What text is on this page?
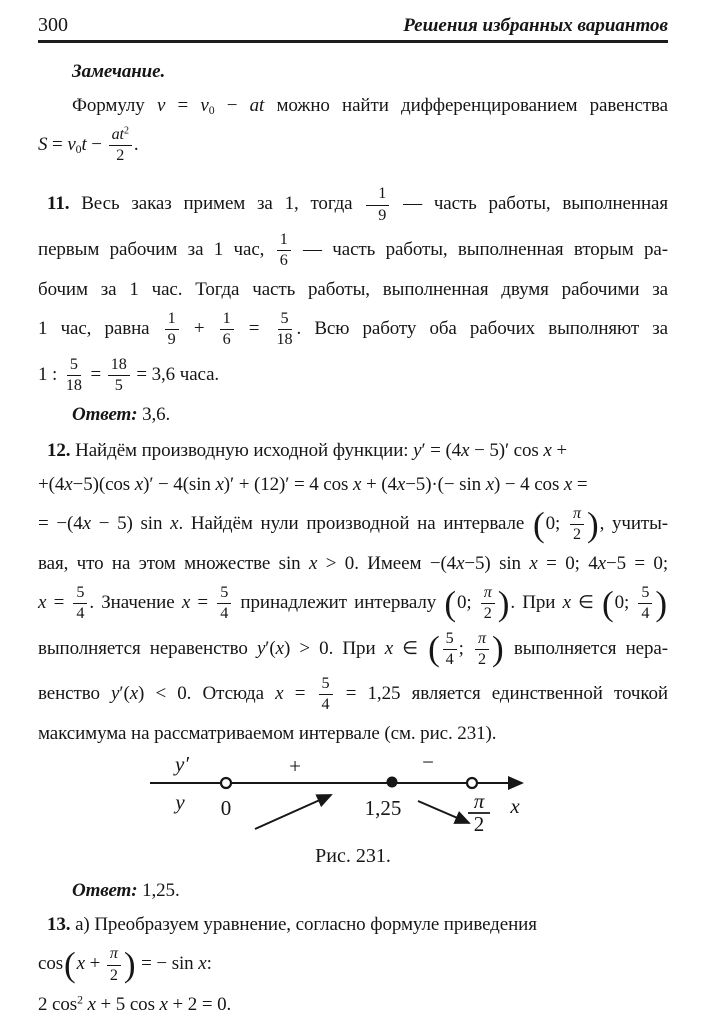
300	Решения избранных вариантов
Замечание.
Формулу $v = v_0$ − at можно найти дифференцированием равенства
$S = v_0t - \frac{at^2}{2}$ .
11. Весь заказ примем за 1, тогда $\frac{1}{9}$ — часть работы, выполненная
первым рабочим за 1 час, $\frac{1}{6}$ — часть работы, выполненная вторым ра-
бочим за 1 час. Тогда часть работы, выполненная двумя рабочими за
1 час, равна $\frac{1}{9} + \frac{1}{6} = \frac{5}{18}$ . Всю работу оба рабочих выполняют за
1 : $\frac{5}{18} = \frac{18}{5} = 3,6$ часа.
Ответ: 3,6.
12. Найдём производную исходной функции: y′ = (4x − 5)′ cos x +
+(4x−5)(cos x)′ − 4(sin x)′ + (12)′ = 4 cos x + (4x−5)·(− sin x) − 4 cos x =
= −(4x − 5) sin x. Найдём нули производной на интервале (0; $\frac{\pi}{2}$ ), учиты-
вая, что на этом множестве sin x > 0. Имеем −(4x−5) sin x = 0; 4x−5 = 0;
$x = \frac{5}{4}$ . Значение $x = \frac{5}{4}$ принадлежит интервалу (0; $\frac{\pi}{2}$ ). При x ∈ (0; $\frac{5}{4}$ )
выполняется неравенство y′(x) > 0. При x ∈ ( $\frac{5}{4}$ ; $\frac{\pi}{2}$ ) выполняется нера-
венство y′(x) < 0. Отсюда $x = \frac{5}{4} = 1,25$ является единственной точкой
максимума на рассматриваемом интервале (см. рис. 231).
y′
y
+	−
0	1,25	π
2
x
Рис. 231.
Ответ: 1,25.
13. а) Преобразуем уравнение, согласно формуле приведения
$\cos(x + \frac{\pi}{2}$ ) = − sin x:
2 $\cos^2 x + 5$ cos x + 2 = 0.
